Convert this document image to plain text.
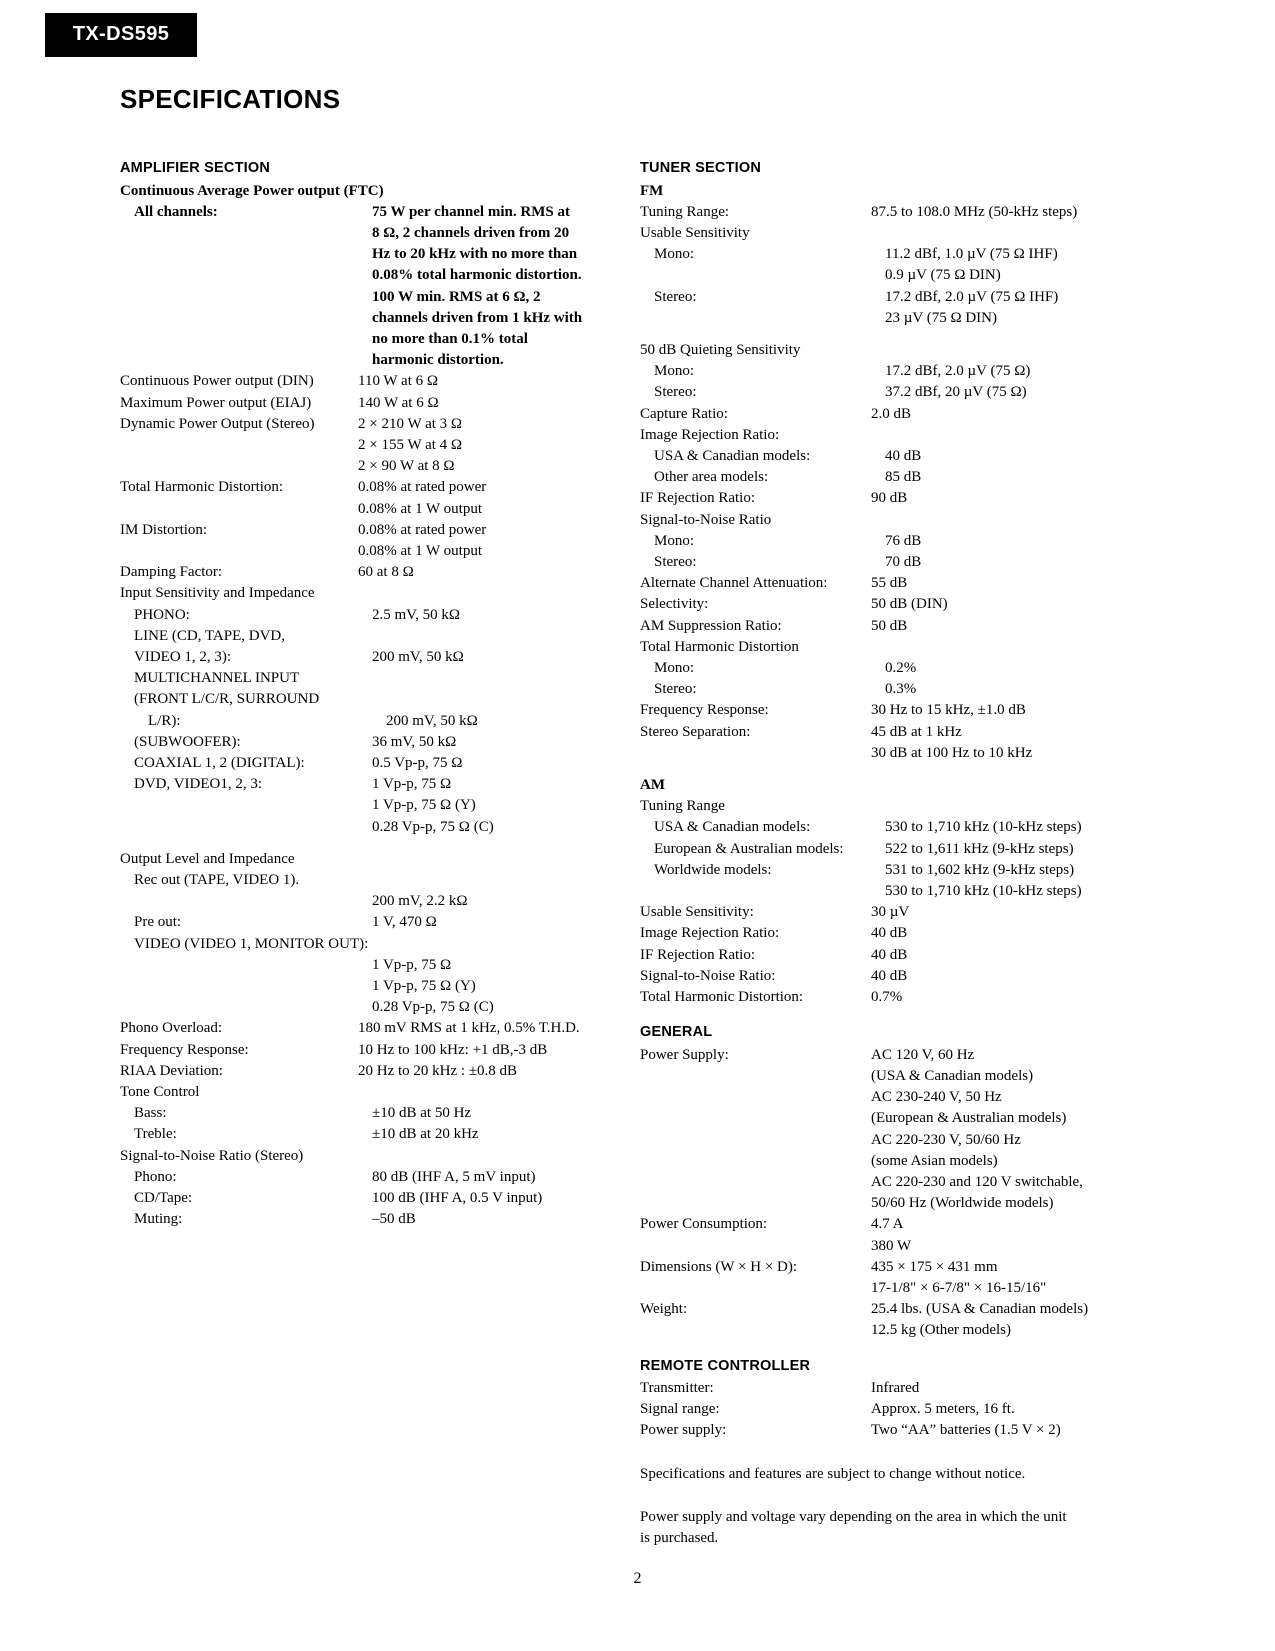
TX-DS595
SPECIFICATIONS
AMPLIFIER SECTION
Continuous Average Power output (FTC)
All channels:	75 W per channel min. RMS at
8 Ω, 2 channels driven from 20
Hz to 20 kHz with no more than
0.08% total harmonic distortion.
100 W min. RMS at 6 Ω, 2
channels driven from 1 kHz with
no more than 0.1% total
harmonic distortion.
Continuous Power output (DIN)	110 W at 6 Ω
Maximum Power output (EIAJ)	140 W at 6 Ω
Dynamic Power Output (Stereo)	2 × 210 W at 3 Ω
2 × 155 W at 4 Ω
2 × 90 W at 8 Ω
Total Harmonic Distortion:	0.08% at rated power
0.08% at 1 W output
IM Distortion:	0.08% at rated power
0.08% at 1 W output
Damping Factor:	60 at 8 Ω
Input Sensitivity and Impedance
PHONO:	2.5 mV, 50 kΩ
LINE (CD, TAPE, DVD,
VIDEO 1, 2, 3):	200 mV, 50 kΩ
MULTICHANNEL INPUT
(FRONT L/C/R, SURROUND
L/R):	200 mV, 50 kΩ
(SUBWOOFER):	36 mV, 50 kΩ
COAXIAL 1, 2 (DIGITAL):	0.5 Vp-p, 75 Ω
DVD, VIDEO1, 2, 3:	1 Vp-p, 75 Ω
1 Vp-p, 75 Ω (Y)
0.28 Vp-p, 75 Ω (C)
Output Level and Impedance
Rec out (TAPE, VIDEO 1).
200 mV, 2.2 kΩ
Pre out:	1 V, 470 Ω
VIDEO (VIDEO 1, MONITOR OUT):
1 Vp-p, 75 Ω
1 Vp-p, 75 Ω (Y)
0.28 Vp-p, 75 Ω (C)
Phono Overload:	180 mV RMS at 1 kHz, 0.5% T.H.D.
Frequency Response:	10 Hz to 100 kHz: +1 dB,-3 dB
RIAA Deviation:	20 Hz to 20 kHz : ±0.8 dB
Tone Control
Bass:	±10 dB at 50 Hz
Treble:	±10 dB at 20 kHz
Signal-to-Noise Ratio (Stereo)
Phono:	80 dB (IHF A, 5 mV input)
CD/Tape:	100 dB (IHF A, 0.5 V input)
Muting:	–50 dB
TUNER SECTION
FM
Tuning Range:	87.5 to 108.0 MHz (50-kHz steps)
Usable Sensitivity
Mono:	11.2 dBf, 1.0 µV (75 Ω IHF)
0.9 µV (75 Ω DIN)
Stereo:	17.2 dBf, 2.0 µV (75 Ω IHF)
23 µV (75 Ω DIN)
50 dB Quieting Sensitivity
Mono:	17.2 dBf, 2.0 µV (75 Ω)
Stereo:	37.2 dBf, 20 µV (75 Ω)
Capture Ratio:	2.0 dB
Image Rejection Ratio:
USA & Canadian models:	40 dB
Other area models:	85 dB
IF Rejection Ratio:	90 dB
Signal-to-Noise Ratio
Mono:	76 dB
Stereo:	70 dB
Alternate Channel Attenuation:	55 dB
Selectivity:	50 dB (DIN)
AM Suppression Ratio:	50 dB
Total Harmonic Distortion
Mono:	0.2%
Stereo:	0.3%
Frequency Response:	30 Hz to 15 kHz, ±1.0 dB
Stereo Separation:	45 dB at 1 kHz
30 dB at 100 Hz to 10 kHz
AM
Tuning Range
USA & Canadian models:	530 to 1,710 kHz (10-kHz steps)
European & Australian models:	522 to 1,611 kHz (9-kHz steps)
Worldwide models:	531 to 1,602 kHz (9-kHz steps)
530 to 1,710 kHz (10-kHz steps)
Usable Sensitivity:	30 µV
Image Rejection Ratio:	40 dB
IF Rejection Ratio:	40 dB
Signal-to-Noise Ratio:	40 dB
Total Harmonic Distortion:	0.7%
GENERAL
Power Supply:	AC 120 V, 60 Hz
(USA & Canadian models)
AC 230-240 V, 50 Hz
(European & Australian models)
AC 220-230 V, 50/60 Hz
(some Asian models)
AC 220-230 and 120 V switchable,
50/60 Hz (Worldwide models)
Power Consumption:	4.7 A
380 W
Dimensions (W × H × D):	435 × 175 × 431 mm
17-1/8" × 6-7/8" × 16-15/16"
Weight:	25.4 lbs. (USA & Canadian models)
12.5 kg (Other models)
REMOTE CONTROLLER
Transmitter:	Infrared
Signal range:	Approx. 5 meters, 16 ft.
Power supply:	Two “AA” batteries (1.5 V × 2)
Specifications and features are subject to change without notice.
Power supply and voltage vary depending on the area in which the unit
is purchased.
2
